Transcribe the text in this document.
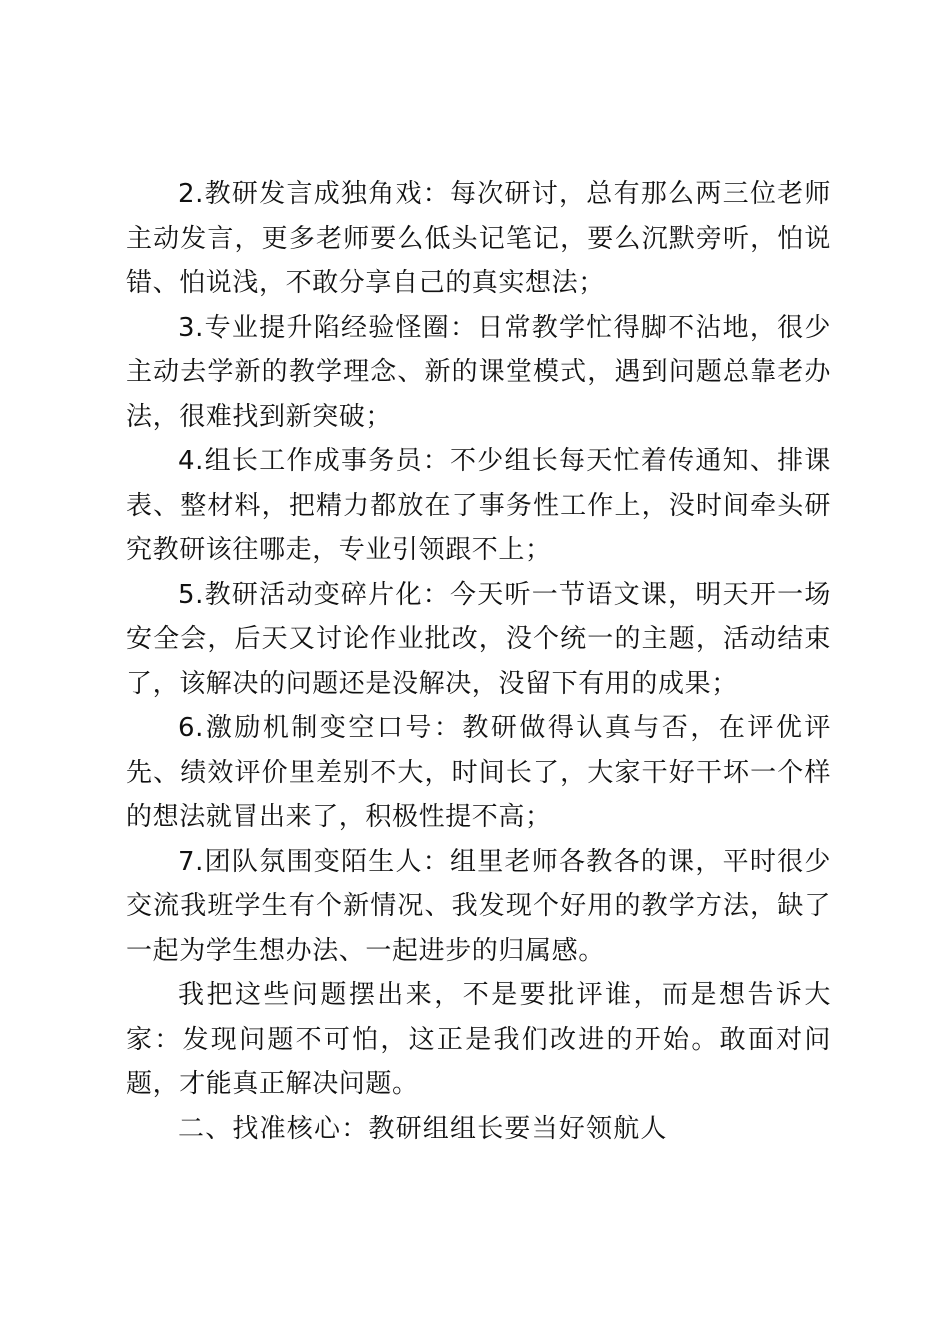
2.教研发言成独角戏：每次研讨，总有那么两三位老师主动发言，更多老师要么低头记笔记，要么沉默旁听，怕说错、怕说浅，不敢分享自己的真实想法；

3.专业提升陷经验怪圈：日常教学忙得脚不沾地，很少主动去学新的教学理念、新的课堂模式，遇到问题总靠老办法，很难找到新突破；

4.组长工作成事务员：不少组长每天忙着传通知、排课表、整材料，把精力都放在了事务性工作上，没时间牵头研究教研该往哪走，专业引领跟不上；

5.教研活动变碎片化：今天听一节语文课，明天开一场安全会，后天又讨论作业批改，没个统一的主题，活动结束了，该解决的问题还是没解决，没留下有用的成果；

6.激励机制变空口号：教研做得认真与否，在评优评先、绩效评价里差别不大，时间长了，大家干好干坏一个样的想法就冒出来了，积极性提不高；

7.团队氛围变陌生人：组里老师各教各的课，平时很少交流我班学生有个新情况、我发现个好用的教学方法，缺了一起为学生想办法、一起进步的归属感。

我把这些问题摆出来，不是要批评谁，而是想告诉大家：发现问题不可怕，这正是我们改进的开始。敢面对问题，才能真正解决问题。

二、找准核心：教研组组长要当好领航人
